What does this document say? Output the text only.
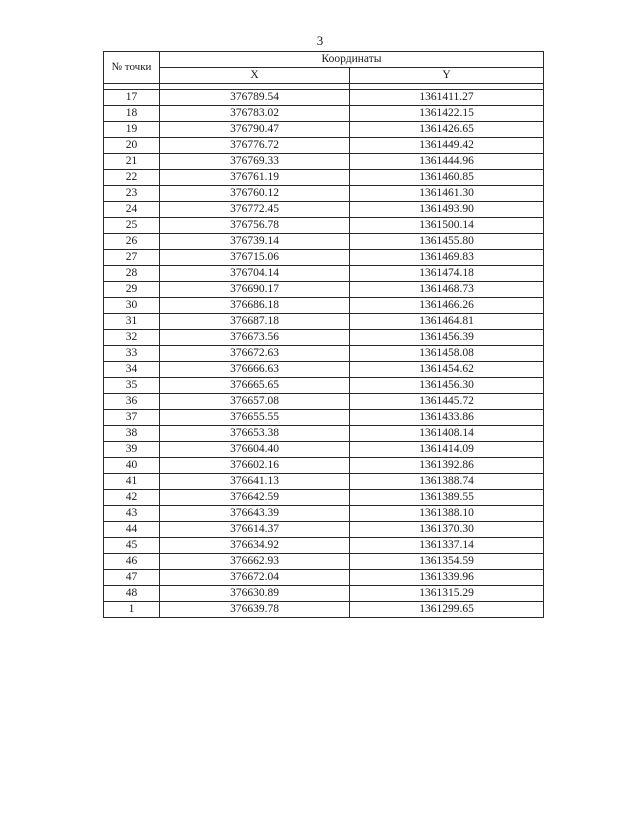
3
№ точки	Координаты	
	X	Y

17	376789.54	1361411.27
18	376783.02	1361422.15
19	376790.47	1361426.65
20	376776.72	1361449.42
21	376769.33	1361444.96
22	376761.19	1361460.85
23	376760.12	1361461.30
24	376772.45	1361493.90
25	376756.78	1361500.14
26	376739.14	1361455.80
27	376715.06	1361469.83
28	376704.14	1361474.18
29	376690.17	1361468.73
30	376686.18	1361466.26
31	376687.18	1361464.81
32	376673.56	1361456.39
33	376672.63	1361458.08
34	376666.63	1361454.62
35	376665.65	1361456.30
36	376657.08	1361445.72
37	376655.55	1361433.86
38	376653.38	1361408.14
39	376604.40	1361414.09
40	376602.16	1361392.86
41	376641.13	1361388.74
42	376642.59	1361389.55
43	376643.39	1361388.10
44	376614.37	1361370.30
45	376634.92	1361337.14
46	376662.93	1361354.59
47	376672.04	1361339.96
48	376630.89	1361315.29
1	376639.78	1361299.65
